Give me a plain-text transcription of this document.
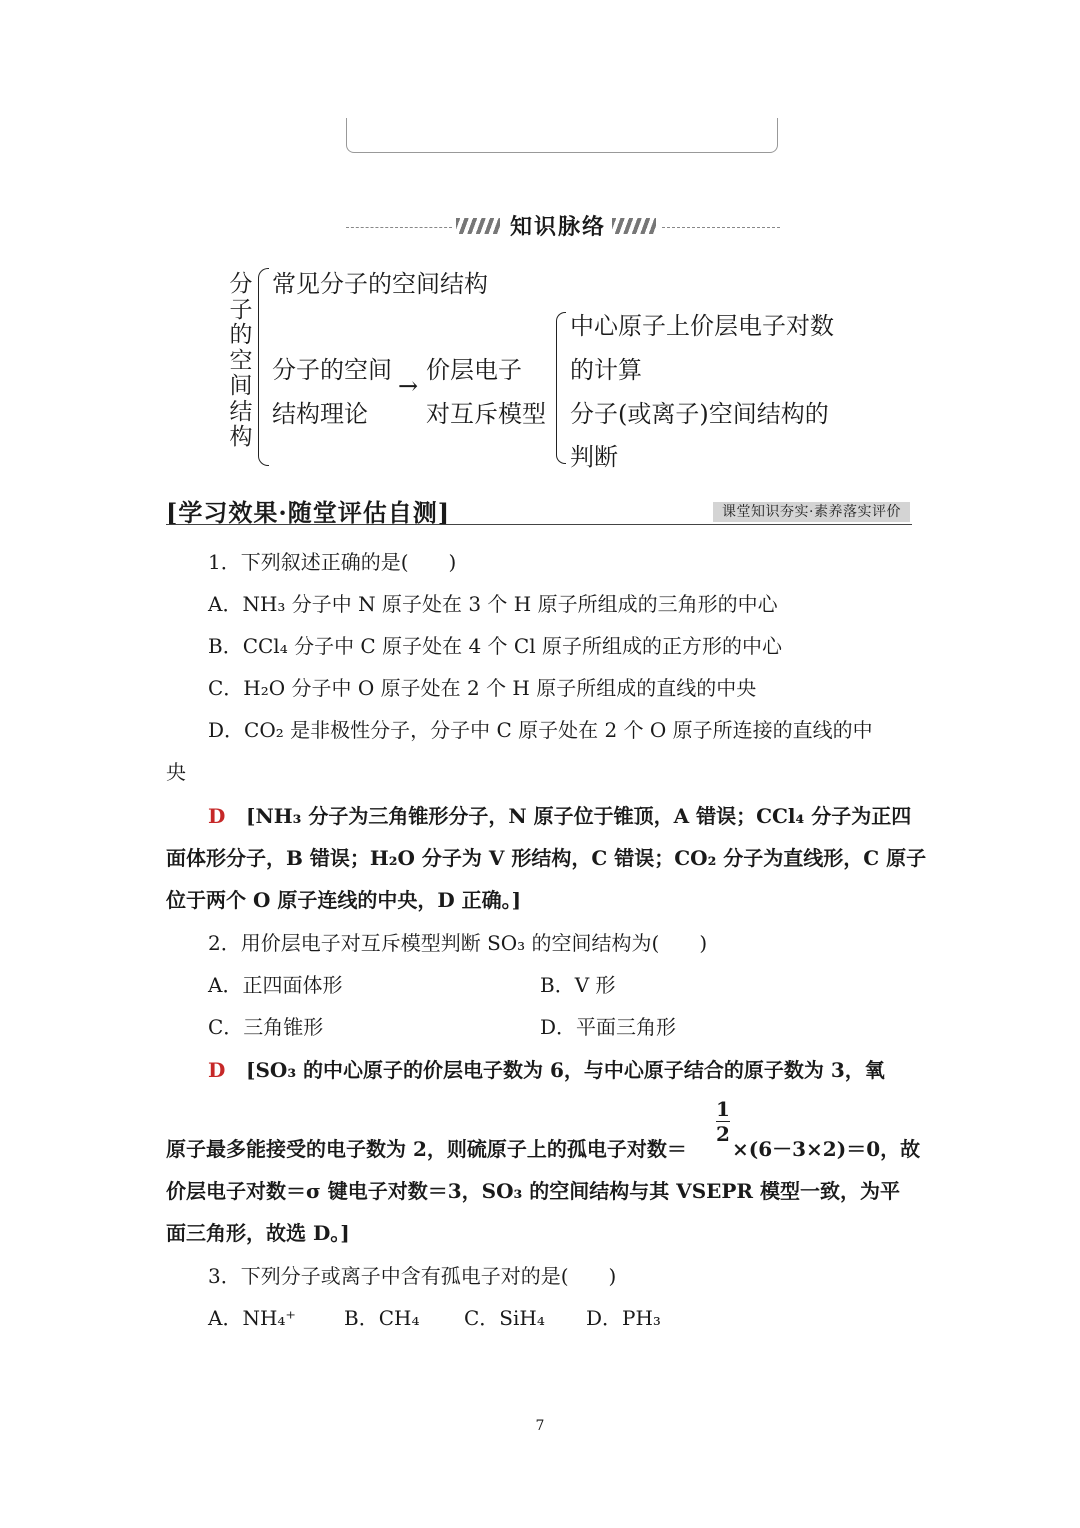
知识脉络
分
子
的
空
间
结
构
常见分子的空间结构
分子的空间
结构理论
→
价层电子
对互斥模型
中心原子上价层电子对数
的计算
分子(或离子)空间结构的
判断
[学习效果·随堂评估自测]	课堂知识夯实·素养落实评价
1．下列叙述正确的是(　　)
A．NH₃ 分子中 N 原子处在 3 个 H 原子所组成的三角形的中心
B．CCl₄ 分子中 C 原子处在 4 个 Cl 原子所组成的正方形的中心
C．H₂O 分子中 O 原子处在 2 个 H 原子所组成的直线的中央
D．CO₂ 是非极性分子，分子中 C 原子处在 2 个 O 原子所连接的直线的中
央
D [NH₃ 分子为三角锥形分子，N 原子位于锥顶，A 错误；CCl₄ 分子为正四
面体形分子，B 错误；H₂O 分子为 V 形结构，C 错误；CO₂ 分子为直线形，C 原子
位于两个 O 原子连线的中央，D 正确。]
2．用价层电子对互斥模型判断 SO₃ 的空间结构为(　　)
A．正四面体形	B．V 形
C．三角锥形	D．平面三角形
D [SO₃ 的中心原子的价层电子数为 6，与中心原子结合的原子数为 3，氧
1
2
原子最多能接受的电子数为 2，则硫原子上的孤电子对数＝ ×(6－3×2)＝0，故
价层电子对数＝σ 键电子对数＝3，SO₃ 的空间结构与其 VSEPR 模型一致，为平
面三角形，故选 D。]
3．下列分子或离子中含有孤电子对的是(　　)
A．NH₄⁺ B．CH₄ C．SiH₄ D．PH₃
7
